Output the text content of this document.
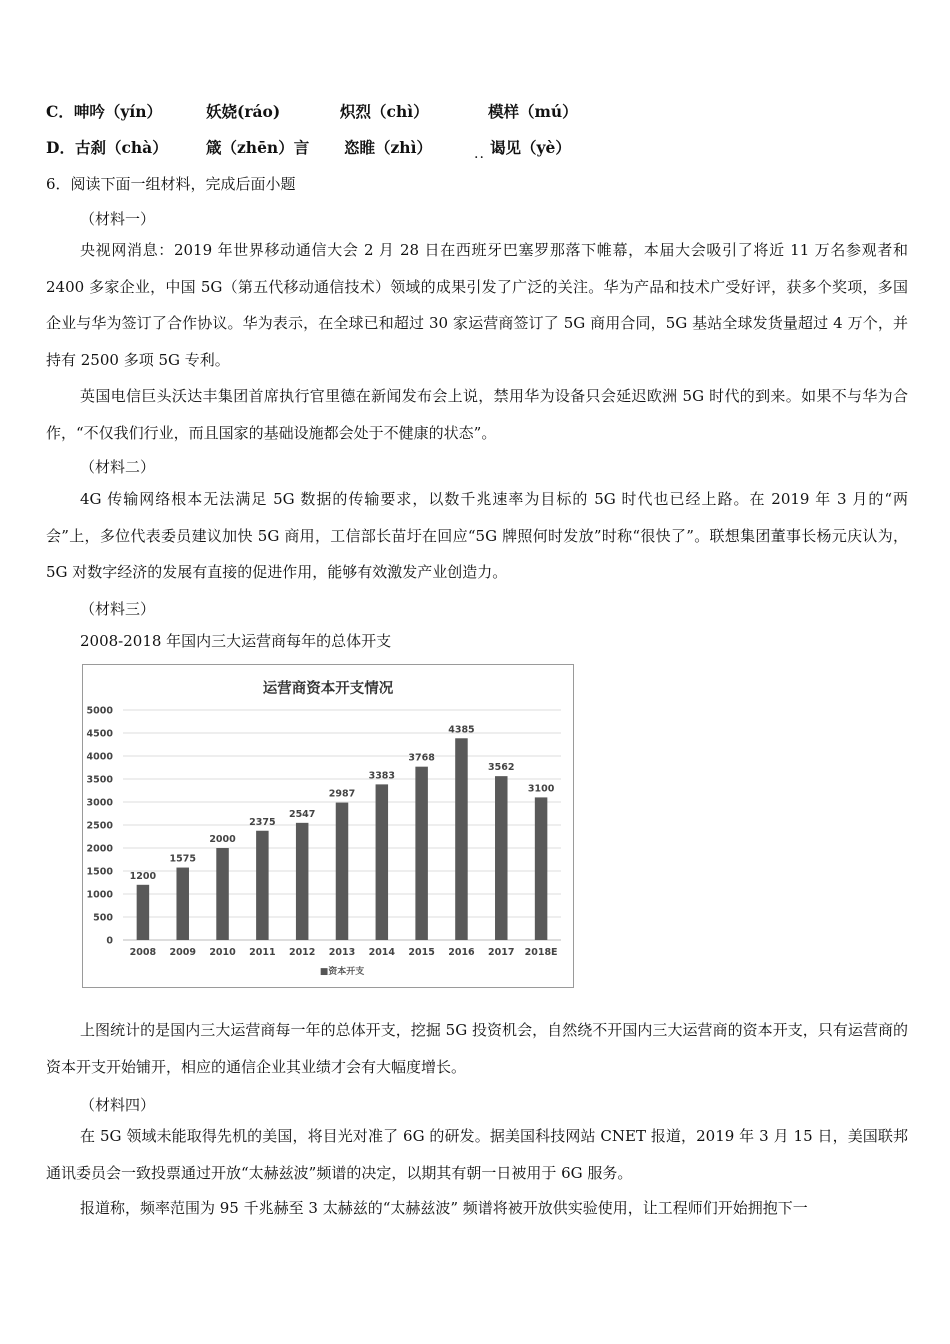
C．呻吟（yín）	妖娆(ráo)	炽烈（chì）	模样（mú）
D．古刹（chà） 箴（zhēn）言 恣睢（zhì）	.. 谒见（yè）
6．阅读下面一组材料，完成后面小题
（材料一）
央视网消息：2019 年世界移动通信大会 2 月 28 日在西班牙巴塞罗那落下帷幕，本届大会吸引了将近 11 万名参观者和 2400 多家企业，中国 5G（第五代移动通信技术）领域的成果引发了广泛的关注。华为产品和技术广受好评，获多个奖项，多国企业与华为签订了合作协议。华为表示，在全球已和超过 30 家运营商签订了 5G 商用合同，5G 基站全球发货量超过 4 万个，并持有 2500 多项 5G 专利。
英国电信巨头沃达丰集团首席执行官里德在新闻发布会上说，禁用华为设备只会延迟欧洲 5G 时代的到来。如果不与华为合作，“不仅我们行业，而且国家的基础设施都会处于不健康的状态”。
（材料二）
4G 传输网络根本无法满足 5G 数据的传输要求，以数千兆速率为目标的 5G 时代也已经上路。在 2019 年 3 月的“两会”上，多位代表委员建议加快 5G 商用，工信部长苗圩在回应“5G 牌照何时发放”时称“很快了”。联想集团董事长杨元庆认为，5G 对数字经济的发展有直接的促进作用，能够有效激发产业创造力。
（材料三）
2008-2018 年国内三大运营商每年的总体开支
运营商资本开支情况
0
500
1000
1500
2000
2500
3000
3500
4000
4500
5000
1200
2008
1575
2009
2000
2010
2375
2011
2547
2012
2987
2013
3383
2014
3768
2015
4385
2016
3562
2017
3100
2018E
■资本开支
上图统计的是国内三大运营商每一年的总体开支，挖掘 5G 投资机会，自然绕不开国内三大运营商的资本开支，只有运营商的资本开支开始铺开，相应的通信企业其业绩才会有大幅度增长。
（材料四）
在 5G 领域未能取得先机的美国，将目光对准了 6G 的研发。据美国科技网站 CNET 报道，2019 年 3 月 15 日，美国联邦通讯委员会一致投票通过开放“太赫兹波”频谱的决定，以期其有朝一日被用于 6G 服务。
报道称，频率范围为 95 千兆赫至 3 太赫兹的“太赫兹波” 频谱将被开放供实验使用，让工程师们开始拥抱下一
